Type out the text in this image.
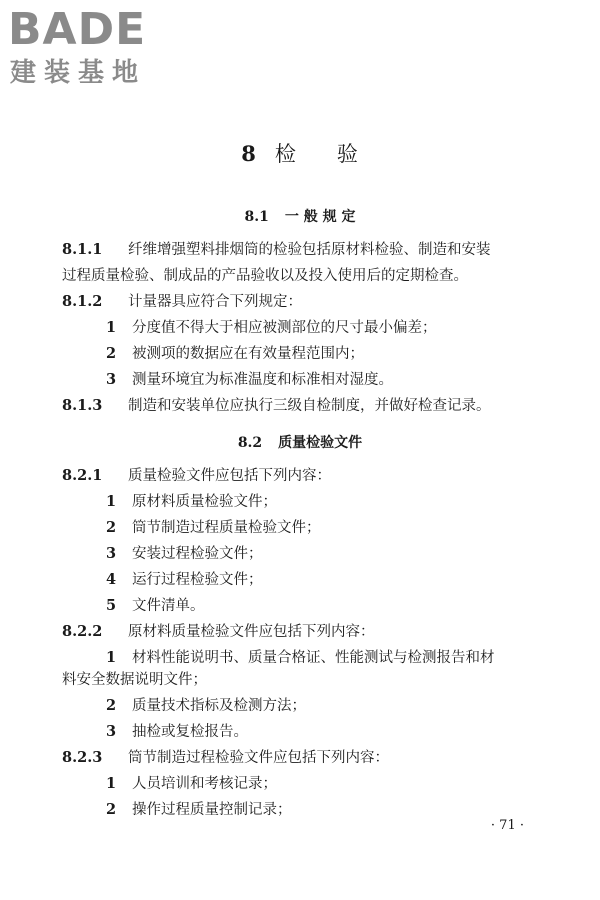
BADE
建装基地
8 检 验
8.1 一 般 规 定
8.1.1 纤维增强塑料排烟筒的检验包括原材料检验、制造和安装
过程质量检验、制成品的产品验收以及投入使用后的定期检查。
8.1.2 计量器具应符合下列规定：
1 分度值不得大于相应被测部位的尺寸最小偏差；
2 被测项的数据应在有效量程范围内；
3 测量环境宜为标准温度和标准相对湿度。
8.1.3 制造和安装单位应执行三级自检制度，并做好检查记录。
8.2 质量检验文件
8.2.1 质量检验文件应包括下列内容：
1 原材料质量检验文件；
2 筒节制造过程质量检验文件；
3 安装过程检验文件；
4 运行过程检验文件；
5 文件清单。
8.2.2 原材料质量检验文件应包括下列内容：
1 材料性能说明书、质量合格证、性能测试与检测报告和材
料安全数据说明文件；
2 质量技术指标及检测方法；
3 抽检或复检报告。
8.2.3 筒节制造过程检验文件应包括下列内容：
1 人员培训和考核记录；
2 操作过程质量控制记录；
· 71 ·
